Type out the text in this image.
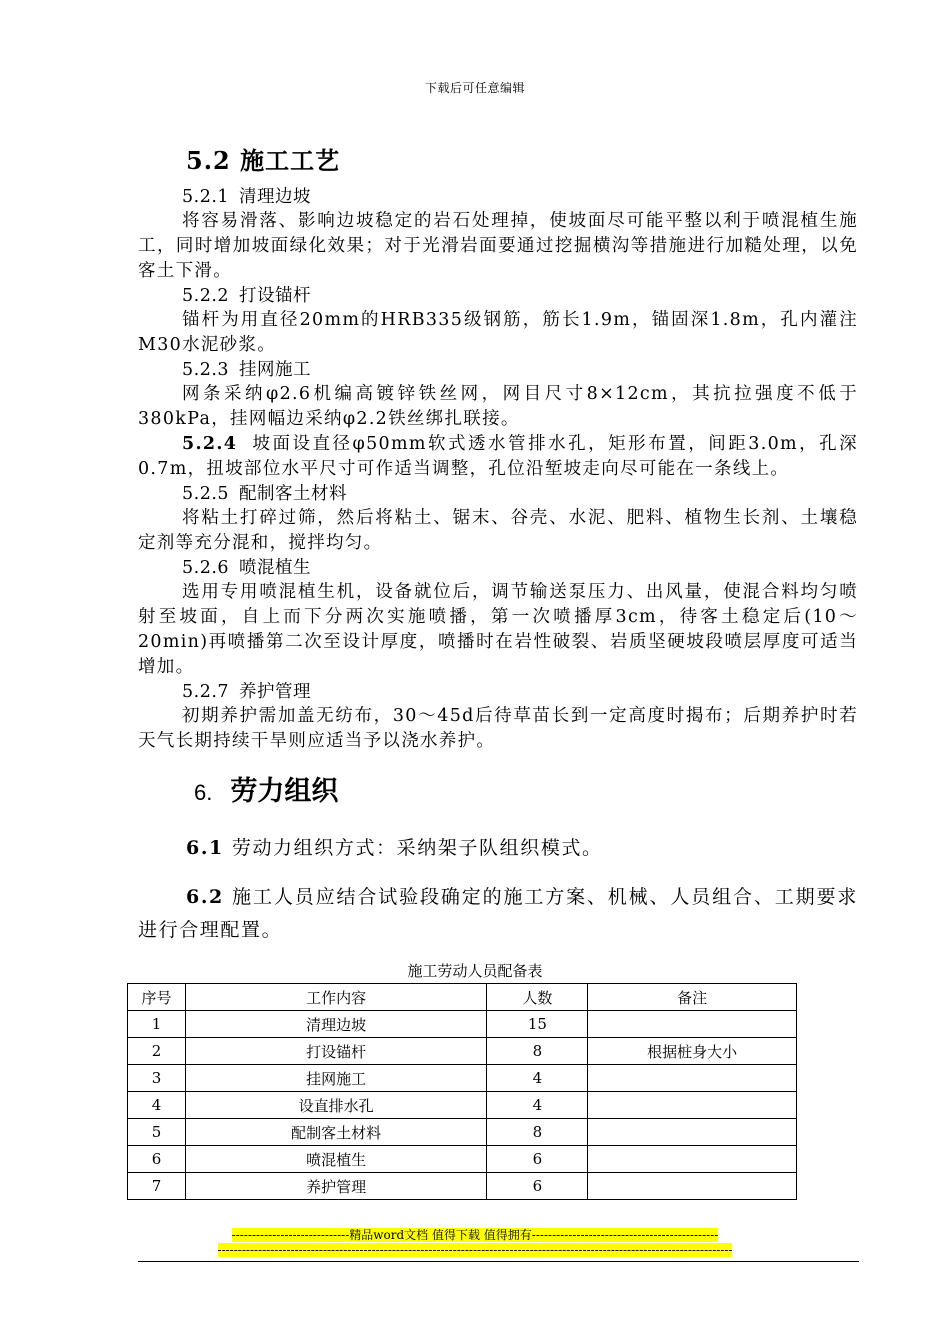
下载后可任意编辑
5.2 施工工艺
5.2.1 清理边坡

将容易滑落、影响边坡稳定的岩石处理掉，使坡面尽可能平整以利于喷混植生施工，同时增加坡面绿化效果；对于光滑岩面要通过挖掘横沟等措施进行加糙处理，以免客土下滑。

5.2.2 打设锚杆

锚杆为用直径20mm的HRB335级钢筋，筋长1.9m，锚固深1.8m，孔内灌注M30水泥砂浆。

5.2.3 挂网施工

网条采纳φ2.6机编高镀锌铁丝网，网目尺寸8×12cm，其抗拉强度不低于380kPa，挂网幅边采纳φ2.2铁丝绑扎联接。

5.2.4 坡面设直径φ50mm软式透水管排水孔，矩形布置，间距3.0m，孔深0.7m，扭坡部位水平尺寸可作适当调整，孔位沿堑坡走向尽可能在一条线上。

5.2.5 配制客土材料

将粘土打碎过筛，然后将粘土、锯末、谷壳、水泥、肥料、植物生长剂、土壤稳定剂等充分混和，搅拌均匀。

5.2.6 喷混植生

选用专用喷混植生机，设备就位后，调节输送泵压力、出风量，使混合料均匀喷射至坡面，自上而下分两次实施喷播，第一次喷播厚3cm，待客土稳定后(10～20min)再喷播第二次至设计厚度，喷播时在岩性破裂、岩质坚硬坡段喷层厚度可适当增加。

5.2.7 养护管理

初期养护需加盖无纺布，30～45d后待草苗长到一定高度时揭布；后期养护时若天气长期持续干旱则应适当予以浇水养护。

6. 劳力组织

6.1 劳动力组织方式：采纳架子队组织模式。

6.2 施工人员应结合试验段确定的施工方案、机械、人员组合、工期要求进行合理配置。

施工劳动人员配备表
序号	工作内容	人数	备注
1	清理边坡	15	
2	打设锚杆	8	根据桩身大小
3	挂网施工	4	
4	设直排水孔	4	
5	配制客土材料	8	
6	喷混植生	6	
7	养护管理	6	
-----------------------------精品word文档 值得下载 值得拥有----------------------------------------------
-------------------------------------------------------------------------------------------------------------------------------
